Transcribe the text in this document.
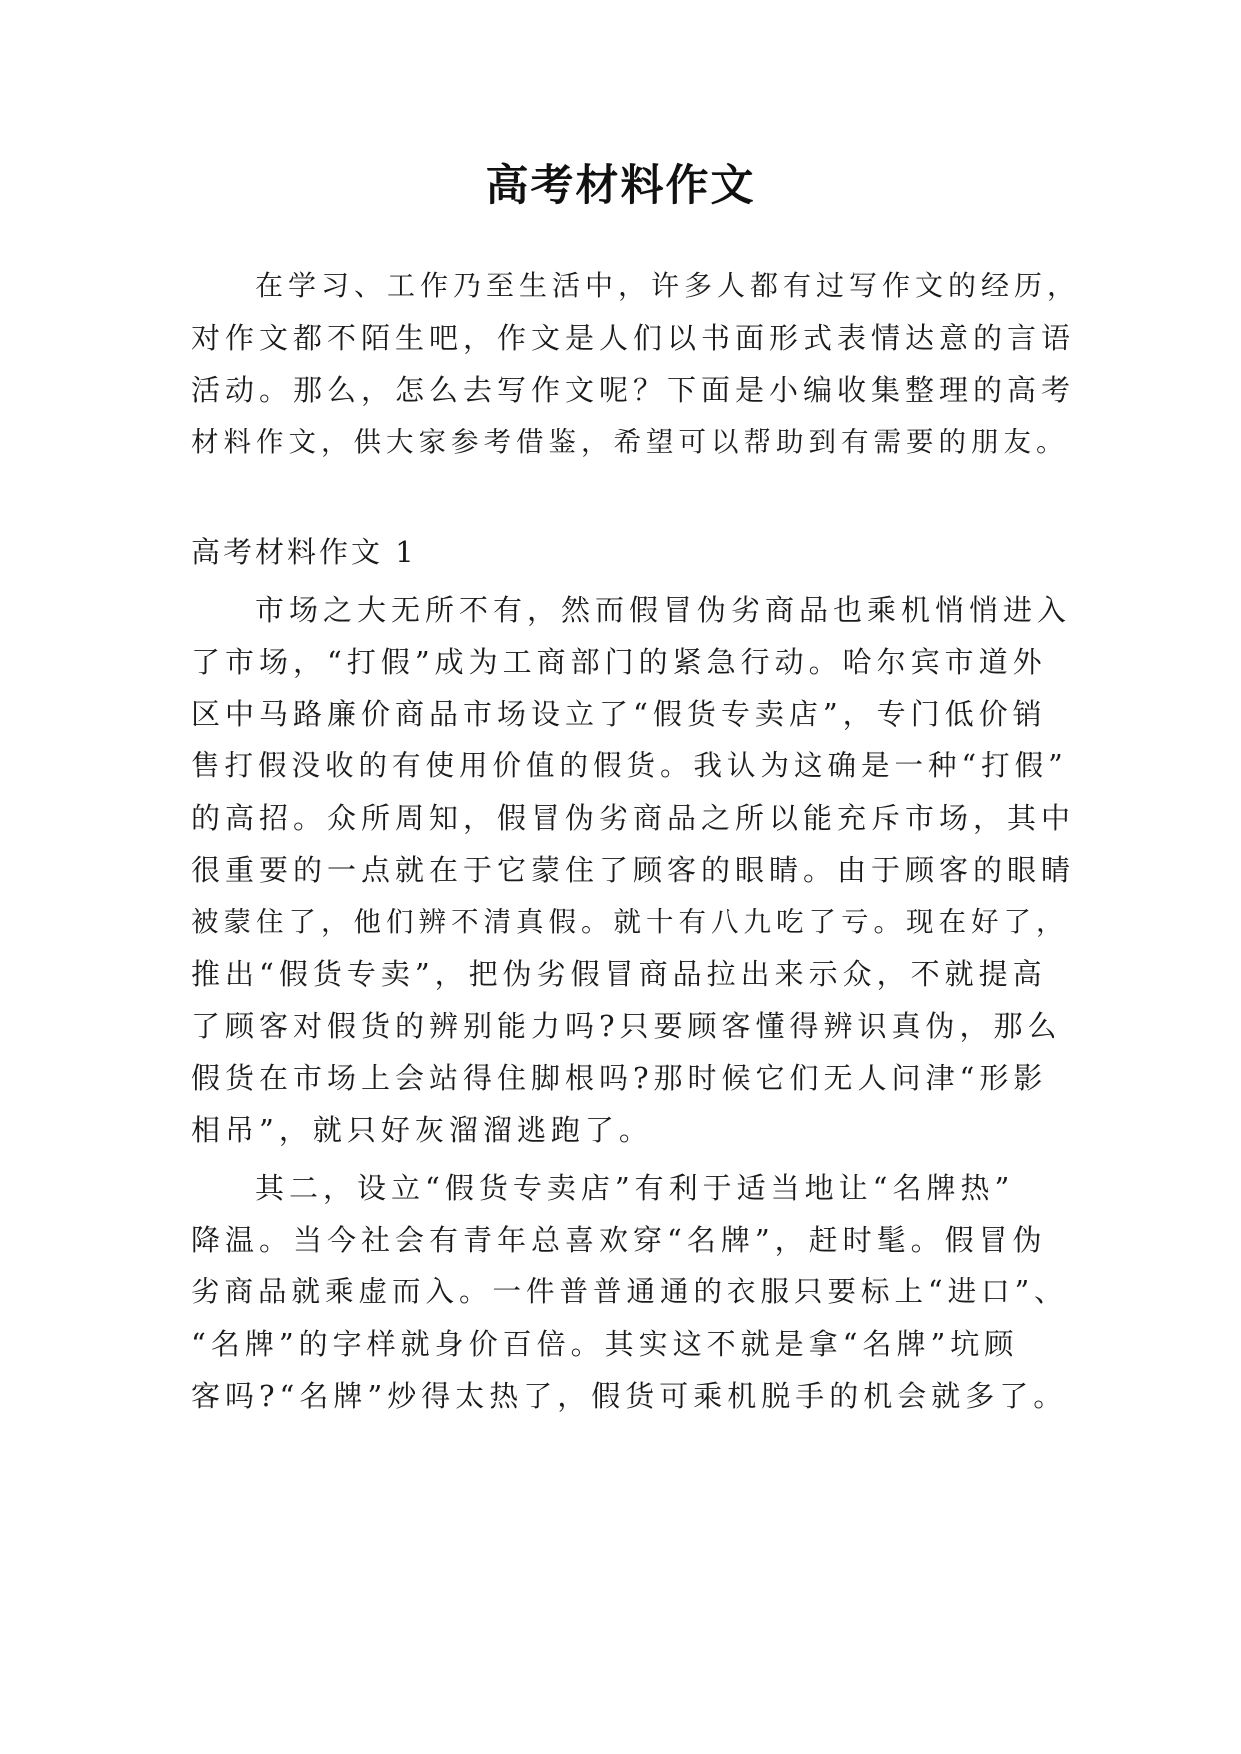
高考材料作文
在学习、工作乃至生活中，许多人都有过写作文的经历，
对作文都不陌生吧，作文是人们以书面形式表情达意的言语
活动。那么，怎么去写作文呢？下面是小编收集整理的高考
材料作文，供大家参考借鉴，希望可以帮助到有需要的朋友。
高考材料作文 1
市场之大无所不有，然而假冒伪劣商品也乘机悄悄进入
了市场，“打假”成为工商部门的紧急行动。哈尔宾市道外
区中马路廉价商品市场设立了“假货专卖店”，专门低价销
售打假没收的有使用价值的假货。我认为这确是一种“打假”
的高招。众所周知，假冒伪劣商品之所以能充斥市场，其中
很重要的一点就在于它蒙住了顾客的眼睛。由于顾客的眼睛
被蒙住了，他们辨不清真假。就十有八九吃了亏。现在好了，
推出“假货专卖”，把伪劣假冒商品拉出来示众，不就提高
了顾客对假货的辨别能力吗?只要顾客懂得辨识真伪，那么
假货在市场上会站得住脚根吗?那时候它们无人问津“形影
相吊”，就只好灰溜溜逃跑了。
其二，设立“假货专卖店”有利于适当地让“名牌热”
降温。当今社会有青年总喜欢穿“名牌”，赶时髦。假冒伪
劣商品就乘虚而入。一件普普通通的衣服只要标上“进口”、
“名牌”的字样就身价百倍。其实这不就是拿“名牌”坑顾
客吗?“名牌”炒得太热了，假货可乘机脱手的机会就多了。
